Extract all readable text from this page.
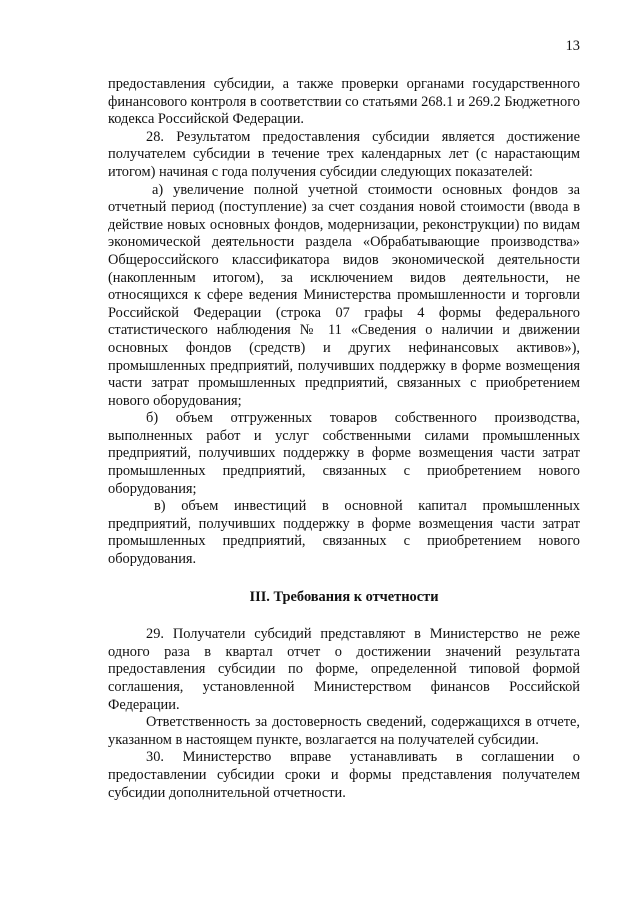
13

предоставления субсидии, а также проверки органами государственного финансового контроля в соответствии со статьями 268.1 и 269.2 Бюджетного кодекса Российской Федерации.

28. Результатом предоставления субсидии является достижение получателем субсидии в течение трех календарных лет (с нарастающим итогом) начиная с года получения субсидии следующих показателей:

а) увеличение полной учетной стоимости основных фондов за отчетный период (поступление) за счет создания новой стоимости (ввода в действие новых основных фондов, модернизации, реконструкции) по видам экономической деятельности раздела «Обрабатывающие производства» Общероссийского классификатора видов экономической деятельности (накопленным итогом), за исключением видов деятельности, не относящихся к сфере ведения Министерства промышленности и торговли Российской Федерации (строка 07 графы 4 формы федерального статистического наблюдения № 11 «Сведения о наличии и движении основных фондов (средств) и других нефинансовых активов»), промышленных предприятий, получивших поддержку в форме возмещения части затрат промышленных предприятий, связанных с приобретением нового оборудования;

б) объем отгруженных товаров собственного производства, выполненных работ и услуг собственными силами промышленных предприятий, получивших поддержку в форме возмещения части затрат промышленных предприятий, связанных с приобретением нового оборудования;

в) объем инвестиций в основной капитал промышленных предприятий, получивших поддержку в форме возмещения части затрат промышленных предприятий, связанных с приобретением нового оборудования.

III. Требования к отчетности

29. Получатели субсидий представляют в Министерство не реже одного раза в квартал отчет о достижении значений результата предоставления субсидии по форме, определенной типовой формой соглашения, установленной Министерством финансов Российской Федерации.

Ответственность за достоверность сведений, содержащихся в отчете, указанном в настоящем пункте, возлагается на получателей субсидии.

30. Министерство вправе устанавливать в соглашении о предоставлении субсидии сроки и формы представления получателем субсидии дополнительной отчетности.
